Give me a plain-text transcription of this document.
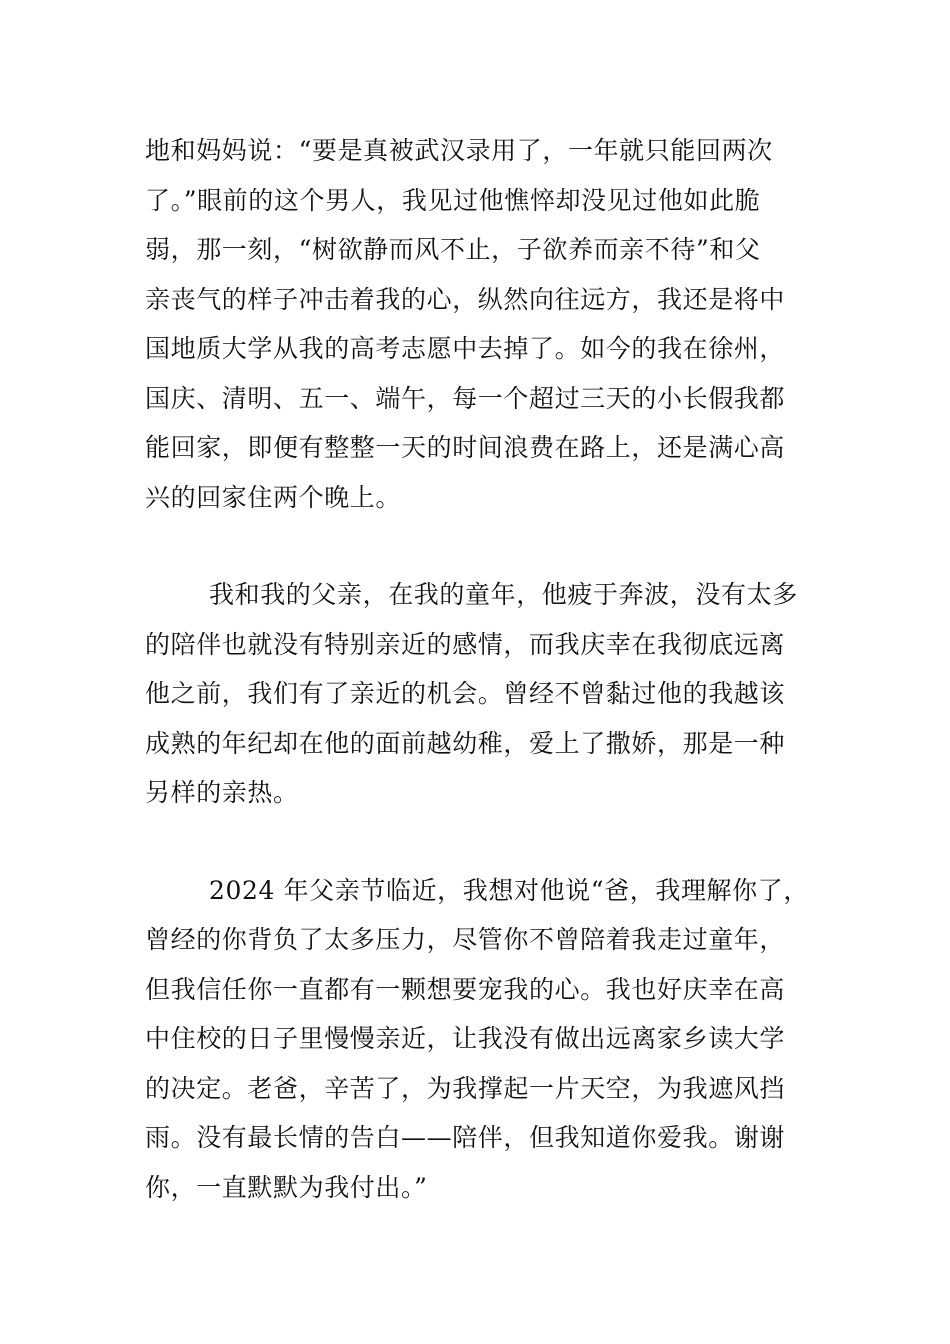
地和妈妈说：“要是真被武汉录用了，一年就只能回两次
了。”眼前的这个男人，我见过他憔悴却没见过他如此脆
弱，那一刻，“树欲静而风不止，子欲养而亲不待”和父
亲丧气的样子冲击着我的心，纵然向往远方，我还是将中
国地质大学从我的高考志愿中去掉了。如今的我在徐州，
国庆、清明、五一、端午，每一个超过三天的小长假我都
能回家，即便有整整一天的时间浪费在路上，还是满心高
兴的回家住两个晚上。

我和我的父亲，在我的童年，他疲于奔波，没有太多
的陪伴也就没有特别亲近的感情，而我庆幸在我彻底远离
他之前，我们有了亲近的机会。曾经不曾黏过他的我越该
成熟的年纪却在他的面前越幼稚，爱上了撒娇，那是一种
另样的亲热。

2024 年父亲节临近，我想对他说“爸，我理解你了，
曾经的你背负了太多压力，尽管你不曾陪着我走过童年，
但我信任你一直都有一颗想要宠我的心。我也好庆幸在高
中住校的日子里慢慢亲近，让我没有做出远离家乡读大学
的决定。老爸，辛苦了，为我撑起一片天空，为我遮风挡
雨。没有最长情的告白——陪伴，但我知道你爱我。谢谢
你，一直默默为我付出。”
